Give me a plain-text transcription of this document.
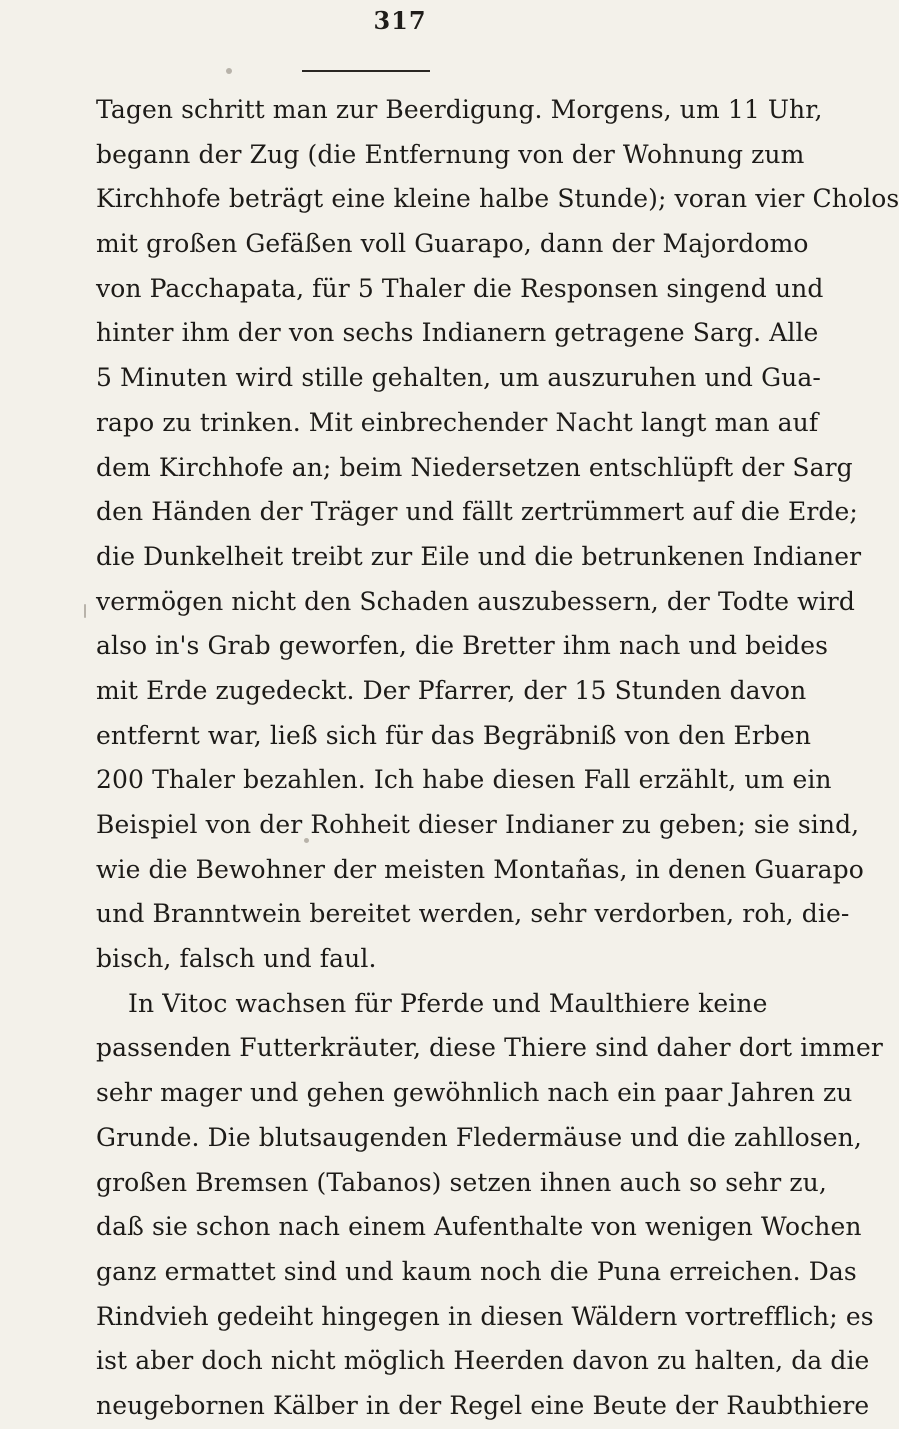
317
Tagen schritt man zur Beerdigung. Morgens, um 11 Uhr,
begann der Zug (die Entfernung von der Wohnung zum
Kirchhofe beträgt eine kleine halbe Stunde); voran vier Cholos
mit großen Gefäßen voll Guarapo, dann der Majordomo
von Pacchapata, für 5 Thaler die Responsen singend und
hinter ihm der von sechs Indianern getragene Sarg. Alle
5 Minuten wird stille gehalten, um auszuruhen und Gua-
rapo zu trinken. Mit einbrechender Nacht langt man auf
dem Kirchhofe an; beim Niedersetzen entschlüpft der Sarg
den Händen der Träger und fällt zertrümmert auf die Erde;
die Dunkelheit treibt zur Eile und die betrunkenen Indianer
vermögen nicht den Schaden auszubessern, der Todte wird
also in's Grab geworfen, die Bretter ihm nach und beides
mit Erde zugedeckt. Der Pfarrer, der 15 Stunden davon
entfernt war, ließ sich für das Begräbniß von den Erben
200 Thaler bezahlen. Ich habe diesen Fall erzählt, um ein
Beispiel von der Rohheit dieser Indianer zu geben; sie sind,
wie die Bewohner der meisten Montañas, in denen Guarapo
und Branntwein bereitet werden, sehr verdorben, roh, die-
bisch, falsch und faul.
In Vitoc wachsen für Pferde und Maulthiere keine
passenden Futterkräuter, diese Thiere sind daher dort immer
sehr mager und gehen gewöhnlich nach ein paar Jahren zu
Grunde. Die blutsaugenden Fledermäuse und die zahllosen,
großen Bremsen (Tabanos) setzen ihnen auch so sehr zu,
daß sie schon nach einem Aufenthalte von wenigen Wochen
ganz ermattet sind und kaum noch die Puna erreichen. Das
Rindvieh gedeiht hingegen in diesen Wäldern vortrefflich; es
ist aber doch nicht möglich Heerden davon zu halten, da die
neugebornen Kälber in der Regel eine Beute der Raubthiere
